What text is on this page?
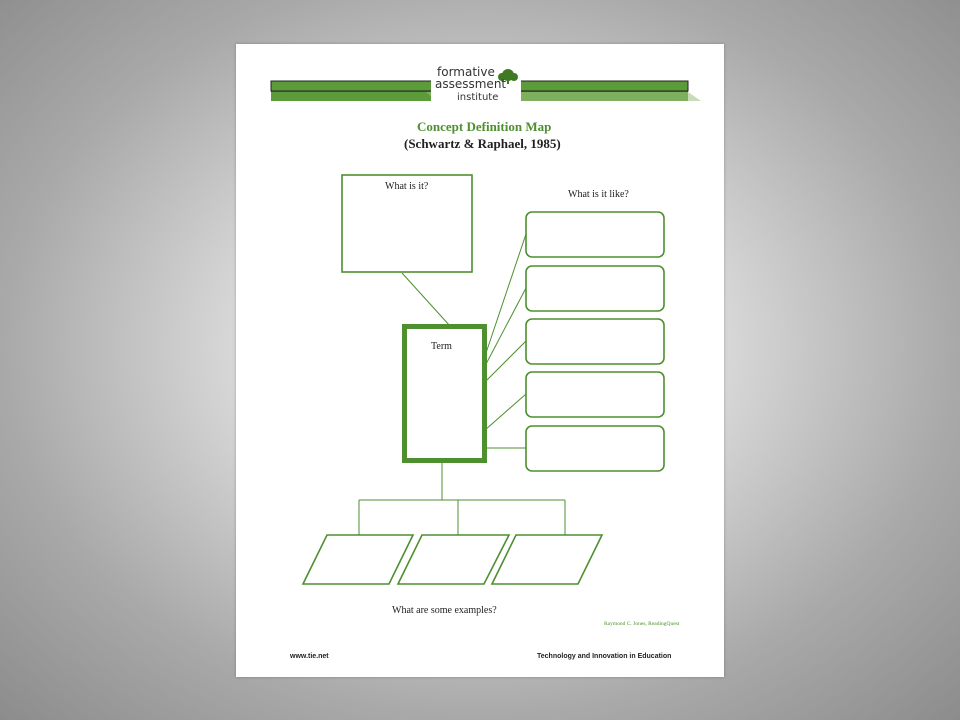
formative
assessment
institute
Concept Definition Map
(Schwartz & Raphael, 1985)
What is it?
What is it like?
Term
What are some examples?
Raymond C. Jones, ReadingQuest
www.tie.net	Technology and Innovation in Education
